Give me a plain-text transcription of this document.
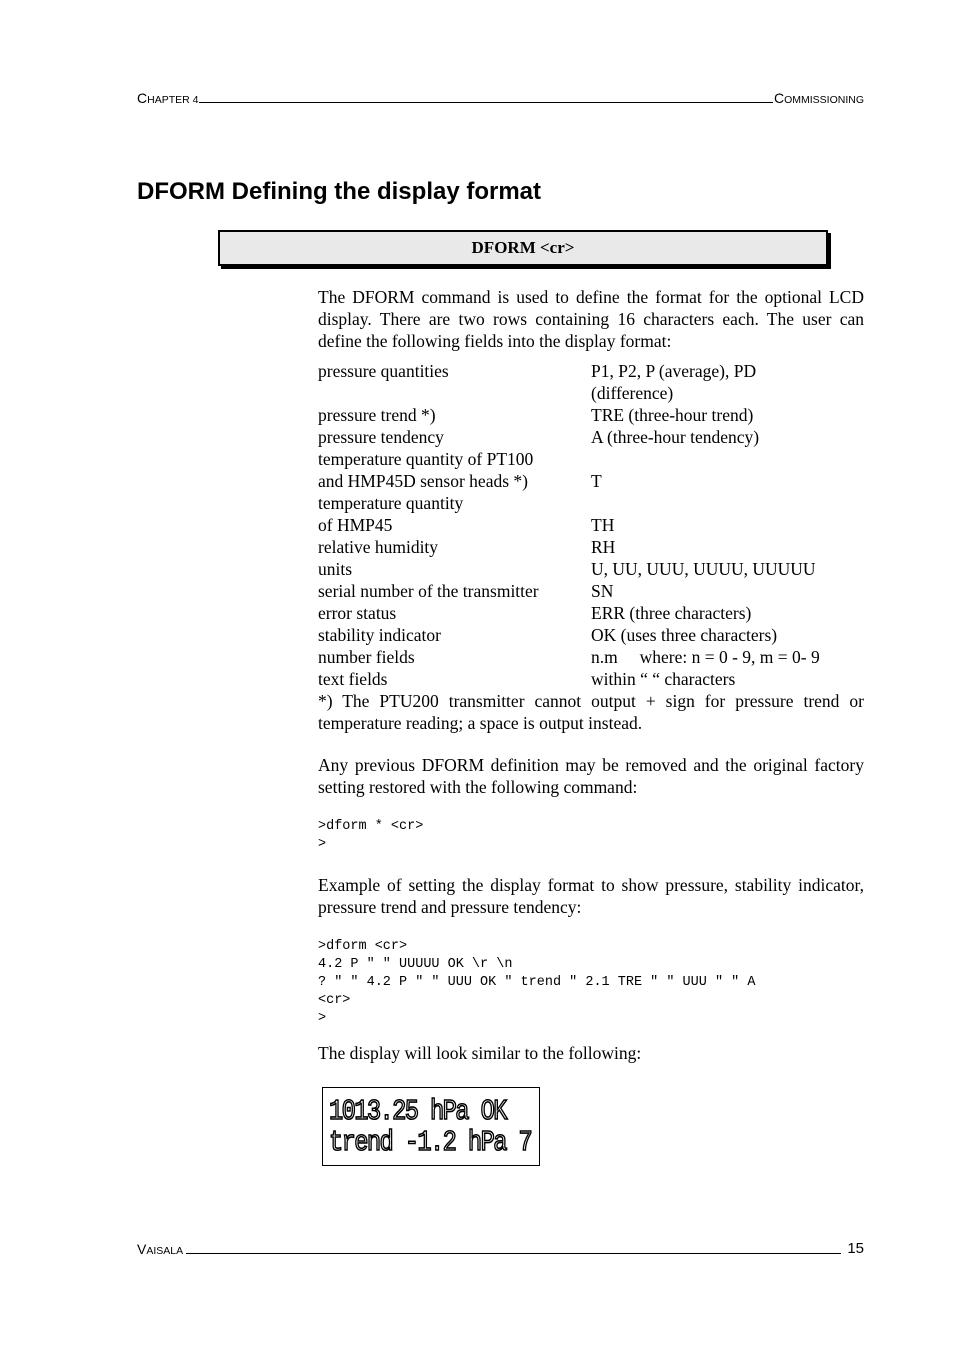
CHAPTER 4	COMMISSIONING
DFORM Defining the display format
DFORM <cr>

The DFORM command is used to define the format for the optional LCD display. There are two rows containing 16 characters each. The user can define the following fields into the display format:

pressure quantities	P1, P2, P (average), PD
(difference)
pressure trend *)	TRE (three-hour trend)
pressure tendency	A (three-hour tendency)
temperature quantity of PT100
and HMP45D sensor heads *)	T
temperature quantity
of HMP45	TH
relative humidity	RH
units	U, UU, UUU, UUUU, UUUUU
serial number of the transmitter	SN
error status	ERR (three characters)
stability indicator	OK (uses three characters)
number fields	n.m     where: n = 0 - 9, m = 0- 9
text fields	within “ “ characters

*) The PTU200 transmitter cannot output + sign for pressure trend or temperature reading; a space is output instead.

Any previous DFORM definition may be removed and the original factory setting restored with the following command:

>dform * <cr>
>

Example of setting the display format to show pressure, stability indicator, pressure trend and pressure tendency:

>dform <cr>
4.2 P " " UUUUU OK \r \n
? " " 4.2 P " " UUU OK " trend " 2.1 TRE " " UUU " " A
<cr>
>

The display will look similar to the following:

1013.25 hPa OK
trend -1.2 hPa 7
VAISALA	15
